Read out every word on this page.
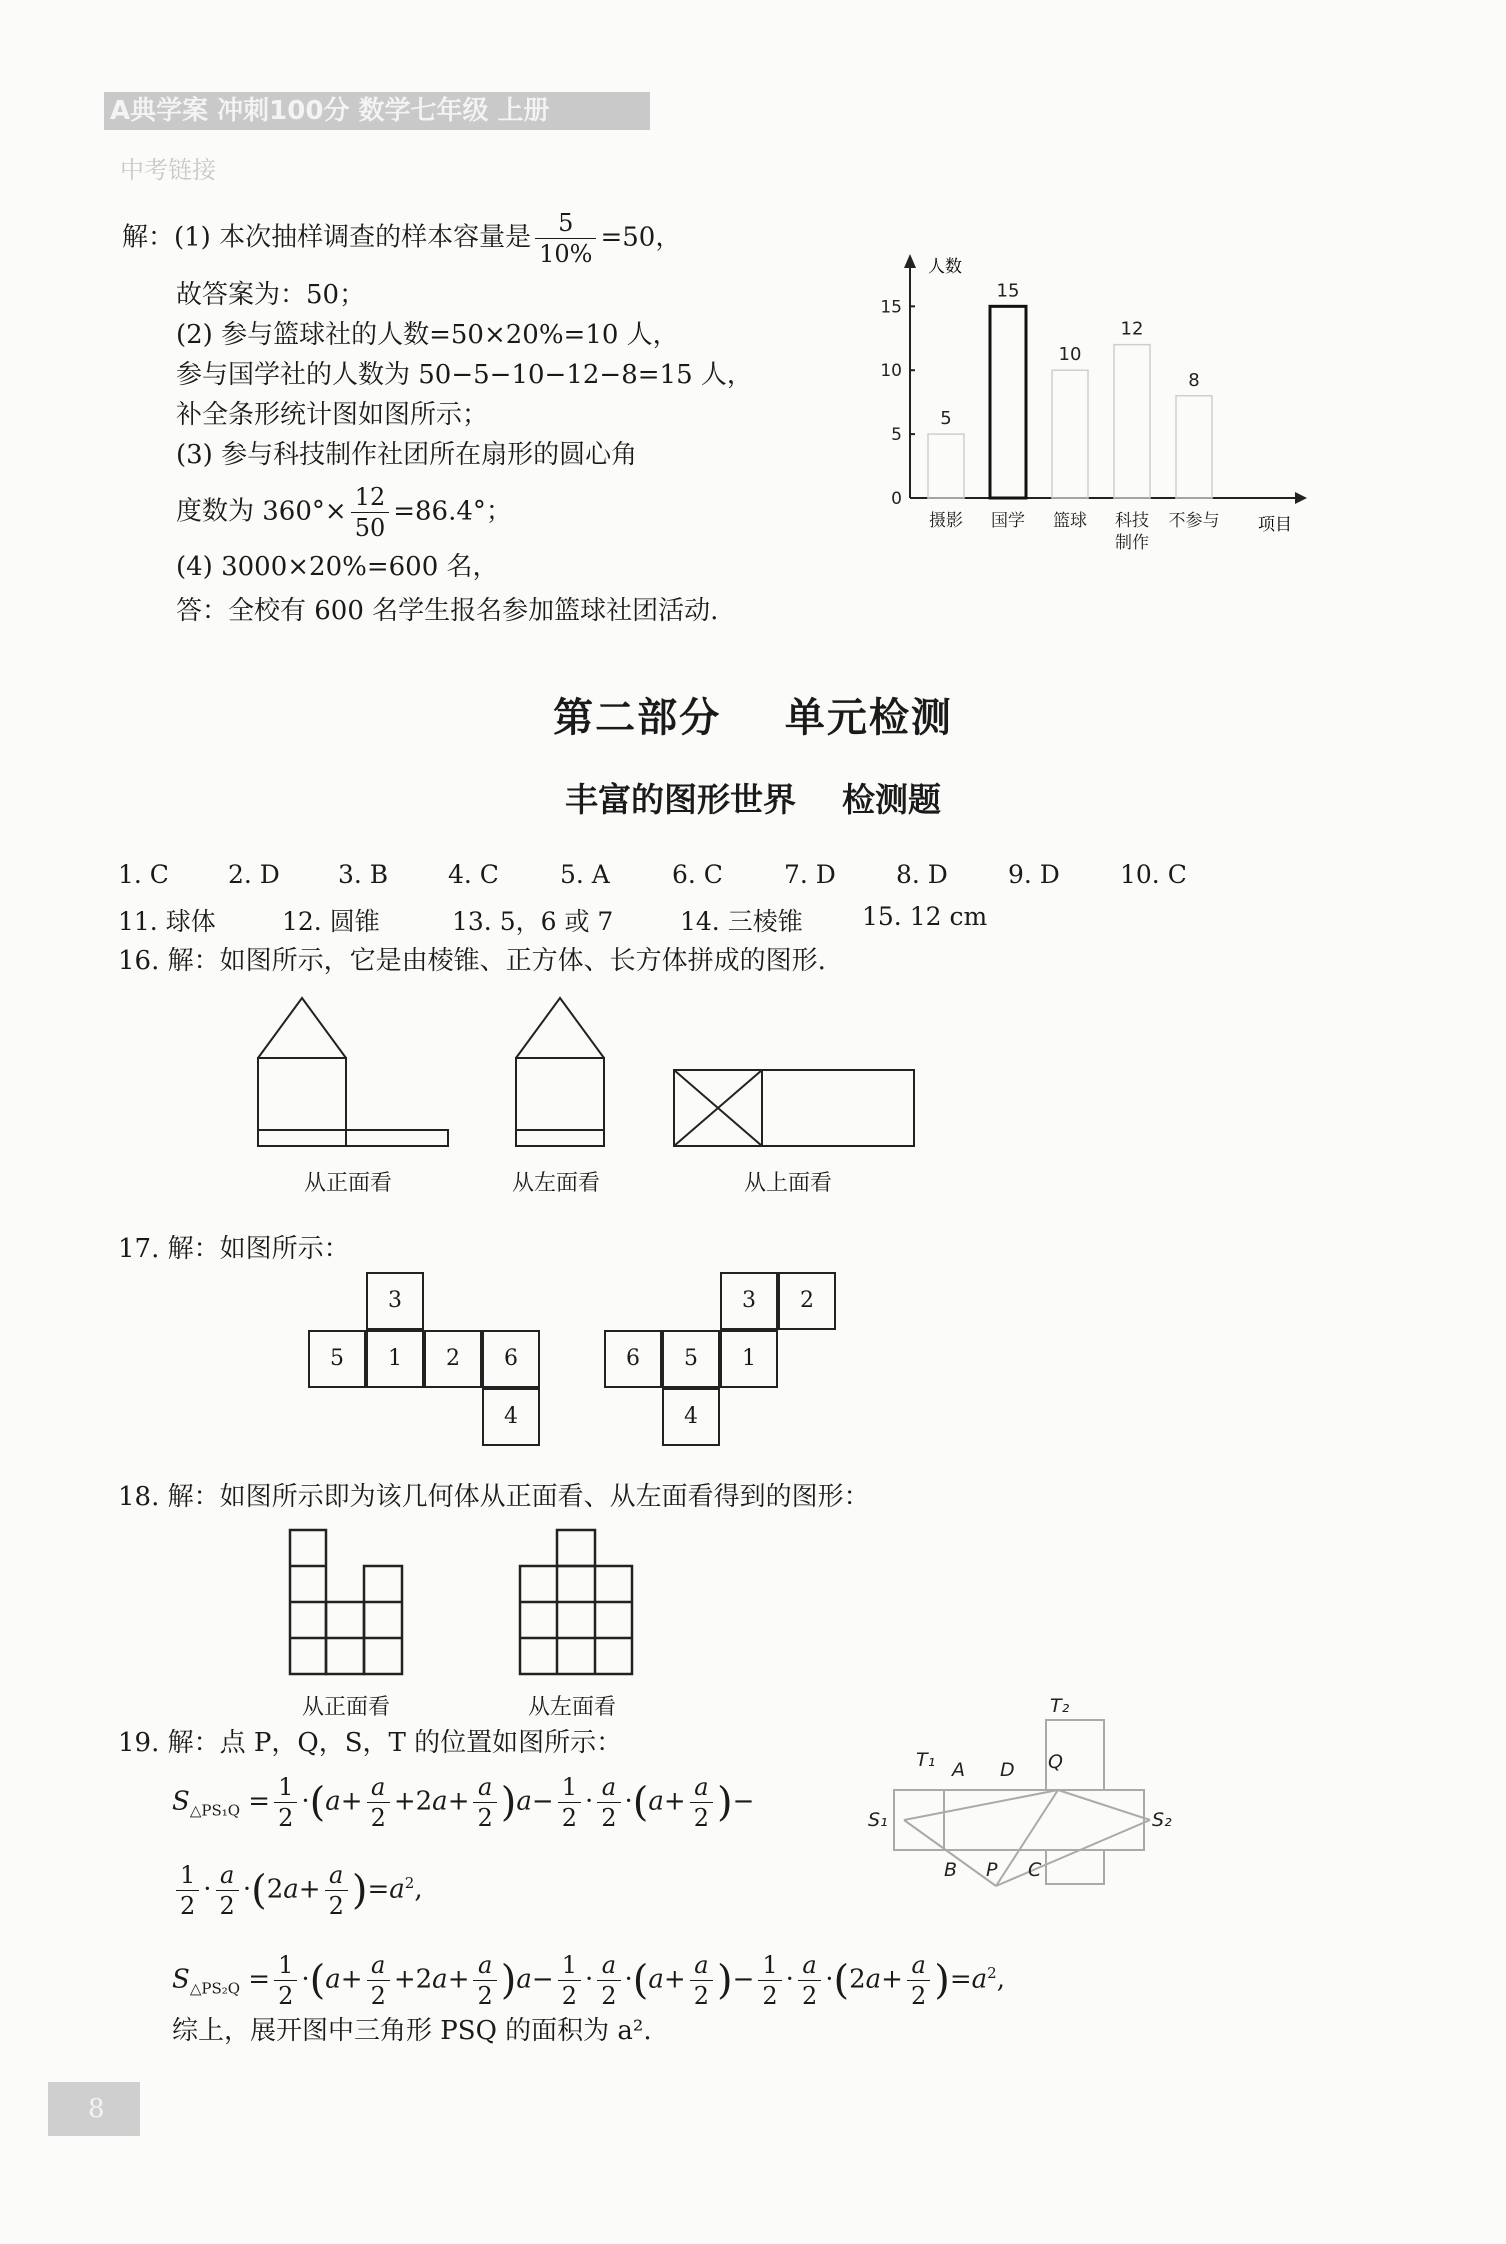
A典学案 冲刺100分 数学七年级 上册
中考链接
解：(1) 本次抽样调查的样本容量是 $\frac{5}{10\%} =50$，
故答案为：50；
(2) 参与篮球社的人数=50×20%=10 人，
参与国学社的人数为 50−5−10−12−8=15 人，
补全条形统计图如图所示；
(3) 参与科技制作社团所在扇形的圆心角
度数为 $360^\circ\times \frac{12}{50} =86.4^\circ$；
(4) 3000×20%=600 名，
答：全校有 600 名学生报名参加篮球社团活动.
人数
项目
0
5
10
15
5
摄影
15
国学
10
篮球
12
科技
制作
8
不参与
第二部分    单元检测
丰富的图形世界    检测题
1. C 2. D 3. B 4. C 5. A 6. C 7. D 8. D 9. D 10. C
11. 球体	12. 圆锥	13. 5，6 或 7	14. 三棱锥 15. 12 cm
16. 解：如图所示，它是由棱锥、正方体、长方体拼成的图形.
从正面看	从左面看	从上面看
17. 解：如图所示：
3
5	1	2	6
4
3	2
6	5	1
4
18. 解：如图所示即为该几何体从正面看、从左面看得到的图形：
从正面看	从左面看
19. 解：点 P，Q，S，T 的位置如图所示：
$S_{\triangle PS_1Q} = \frac{1}{2} \cdot(a+ \frac{a}{2} +2a+ \frac{a}{2} )a- \frac{1}{2} \cdot \frac{a}{2} \cdot(a+ \frac{a}{2}$ )−
$\frac{1}{2} \cdot \frac{a}{2} \cdot(2a+ \frac{a}{2} )=a^2$,
$S_{\triangle PS_2Q} = \frac{1}{2} \cdot(a+ \frac{a}{2} +2a+ \frac{a}{2} )a- \frac{1}{2} \cdot \frac{a}{2} \cdot(a+ \frac{a}{2}$ )− $\frac{1}{2} \cdot \frac{a}{2} \cdot(2a+ \frac{a}{2} )=a^2$,
综上，展开图中三角形 PSQ 的面积为 a².
T₂
T₁ A D Q
S₁	S₂
B P C
8
